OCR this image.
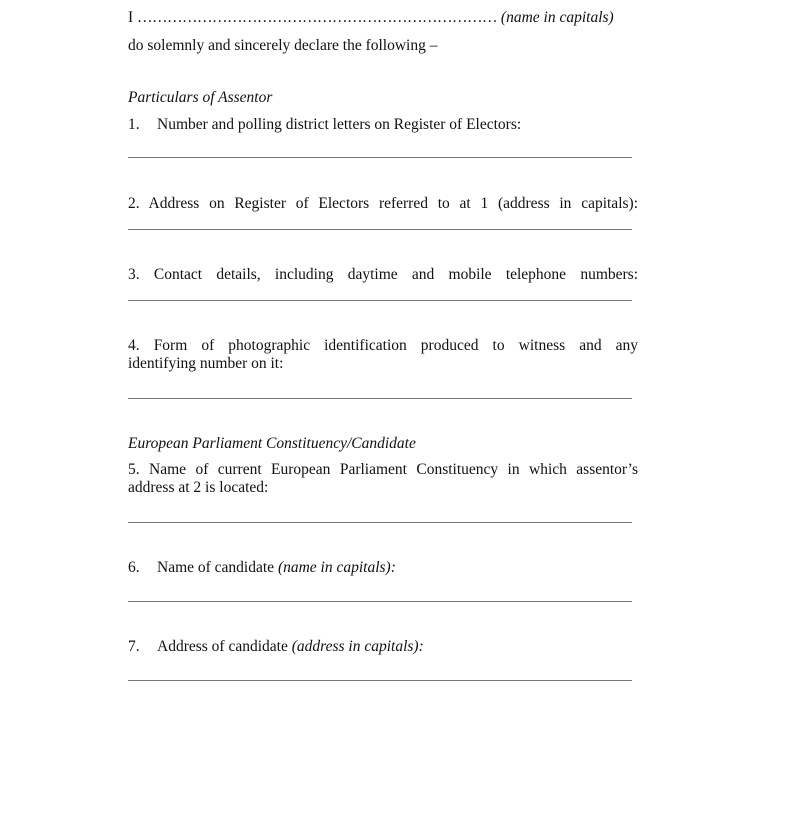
I ……………………………………………………………… (name in capitals)
do solemnly and sincerely declare the following –
Particulars of Assentor
1. Number and polling district letters on Register of Electors:
2. Address on Register of Electors referred to at 1 (address in capitals):
3. Contact details, including daytime and mobile telephone numbers:
4. Form of photographic identification produced to witness and any
identifying number on it:
European Parliament Constituency/Candidate
5. Name of current European Parliament Constituency in which assentor’s
address at 2 is located:
6. Name of candidate (name in capitals):
7. Address of candidate (address in capitals):
